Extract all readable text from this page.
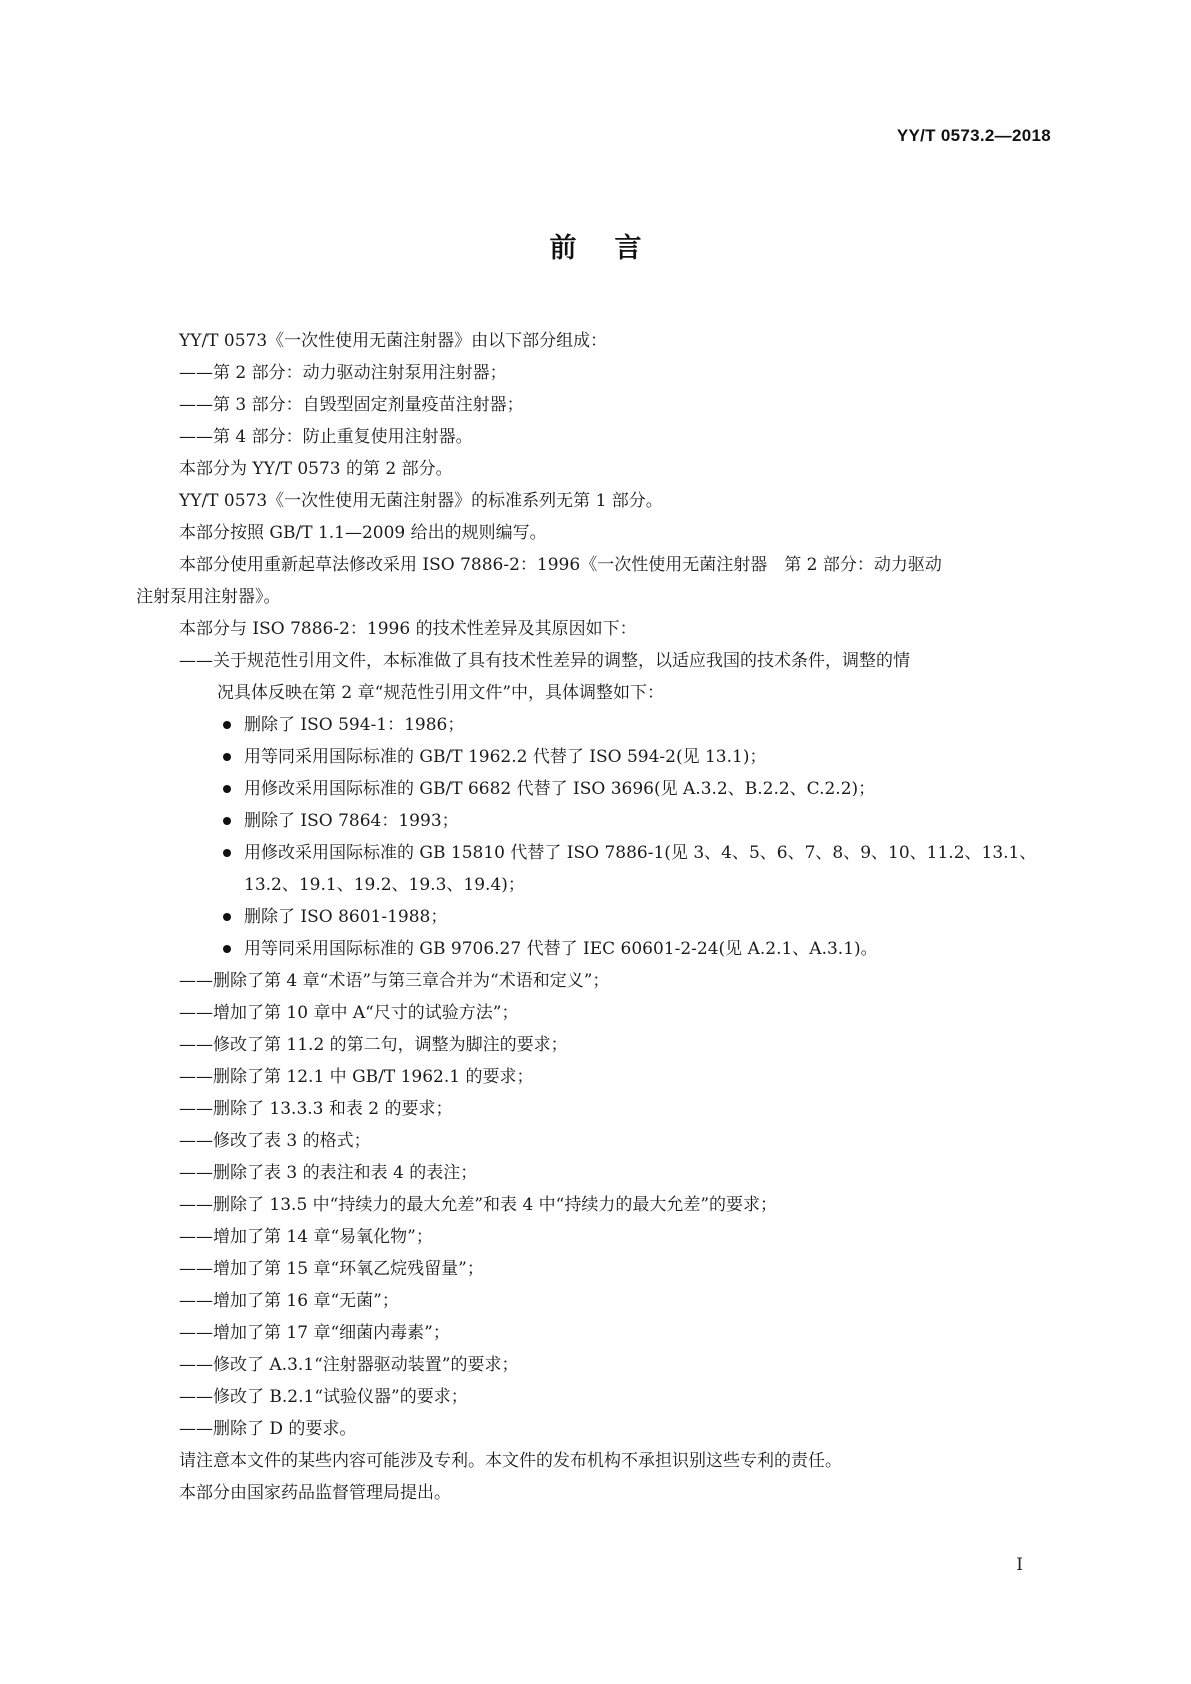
YY/T 0573.2—2018
前言
YY/T 0573《一次性使用无菌注射器》由以下部分组成：
——第 2 部分：动力驱动注射泵用注射器；
——第 3 部分：自毁型固定剂量疫苗注射器；
——第 4 部分：防止重复使用注射器。
本部分为 YY/T 0573 的第 2 部分。
YY/T 0573《一次性使用无菌注射器》的标准系列无第 1 部分。
本部分按照 GB/T 1.1—2009 给出的规则编写。
本部分使用重新起草法修改采用 ISO 7886-2：1996《一次性使用无菌注射器　第 2 部分：动力驱动
注射泵用注射器》。
本部分与 ISO 7886-2：1996 的技术性差异及其原因如下：
——关于规范性引用文件，本标准做了具有技术性差异的调整，以适应我国的技术条件，调整的情
况具体反映在第 2 章“规范性引用文件”中，具体调整如下：
删除了 ISO 594-1：1986；
用等同采用国际标准的 GB/T 1962.2 代替了 ISO 594-2(见 13.1)；
用修改采用国际标准的 GB/T 6682 代替了 ISO 3696(见 A.3.2、B.2.2、C.2.2)；
删除了 ISO 7864：1993；
用修改采用国际标准的 GB 15810 代替了 ISO 7886-1(见 3、4、5、6、7、8、9、10、11.2、13.1、
13.2、19.1、19.2、19.3、19.4)；
删除了 ISO 8601-1988；
用等同采用国际标准的 GB 9706.27 代替了 IEC 60601-2-24(见 A.2.1、A.3.1)。
——删除了第 4 章“术语”与第三章合并为“术语和定义”；
——增加了第 10 章中 A“尺寸的试验方法”；
——修改了第 11.2 的第二句，调整为脚注的要求；
——删除了第 12.1 中 GB/T 1962.1 的要求；
——删除了 13.3.3 和表 2 的要求；
——修改了表 3 的格式；
——删除了表 3 的表注和表 4 的表注；
——删除了 13.5 中“持续力的最大允差”和表 4 中“持续力的最大允差”的要求；
——增加了第 14 章“易氧化物”；
——增加了第 15 章“环氧乙烷残留量”；
——增加了第 16 章“无菌”；
——增加了第 17 章“细菌内毒素”；
——修改了 A.3.1“注射器驱动装置”的要求；
——修改了 B.2.1“试验仪器”的要求；
——删除了 D 的要求。
请注意本文件的某些内容可能涉及专利。本文件的发布机构不承担识别这些专利的责任。
本部分由国家药品监督管理局提出。
I
